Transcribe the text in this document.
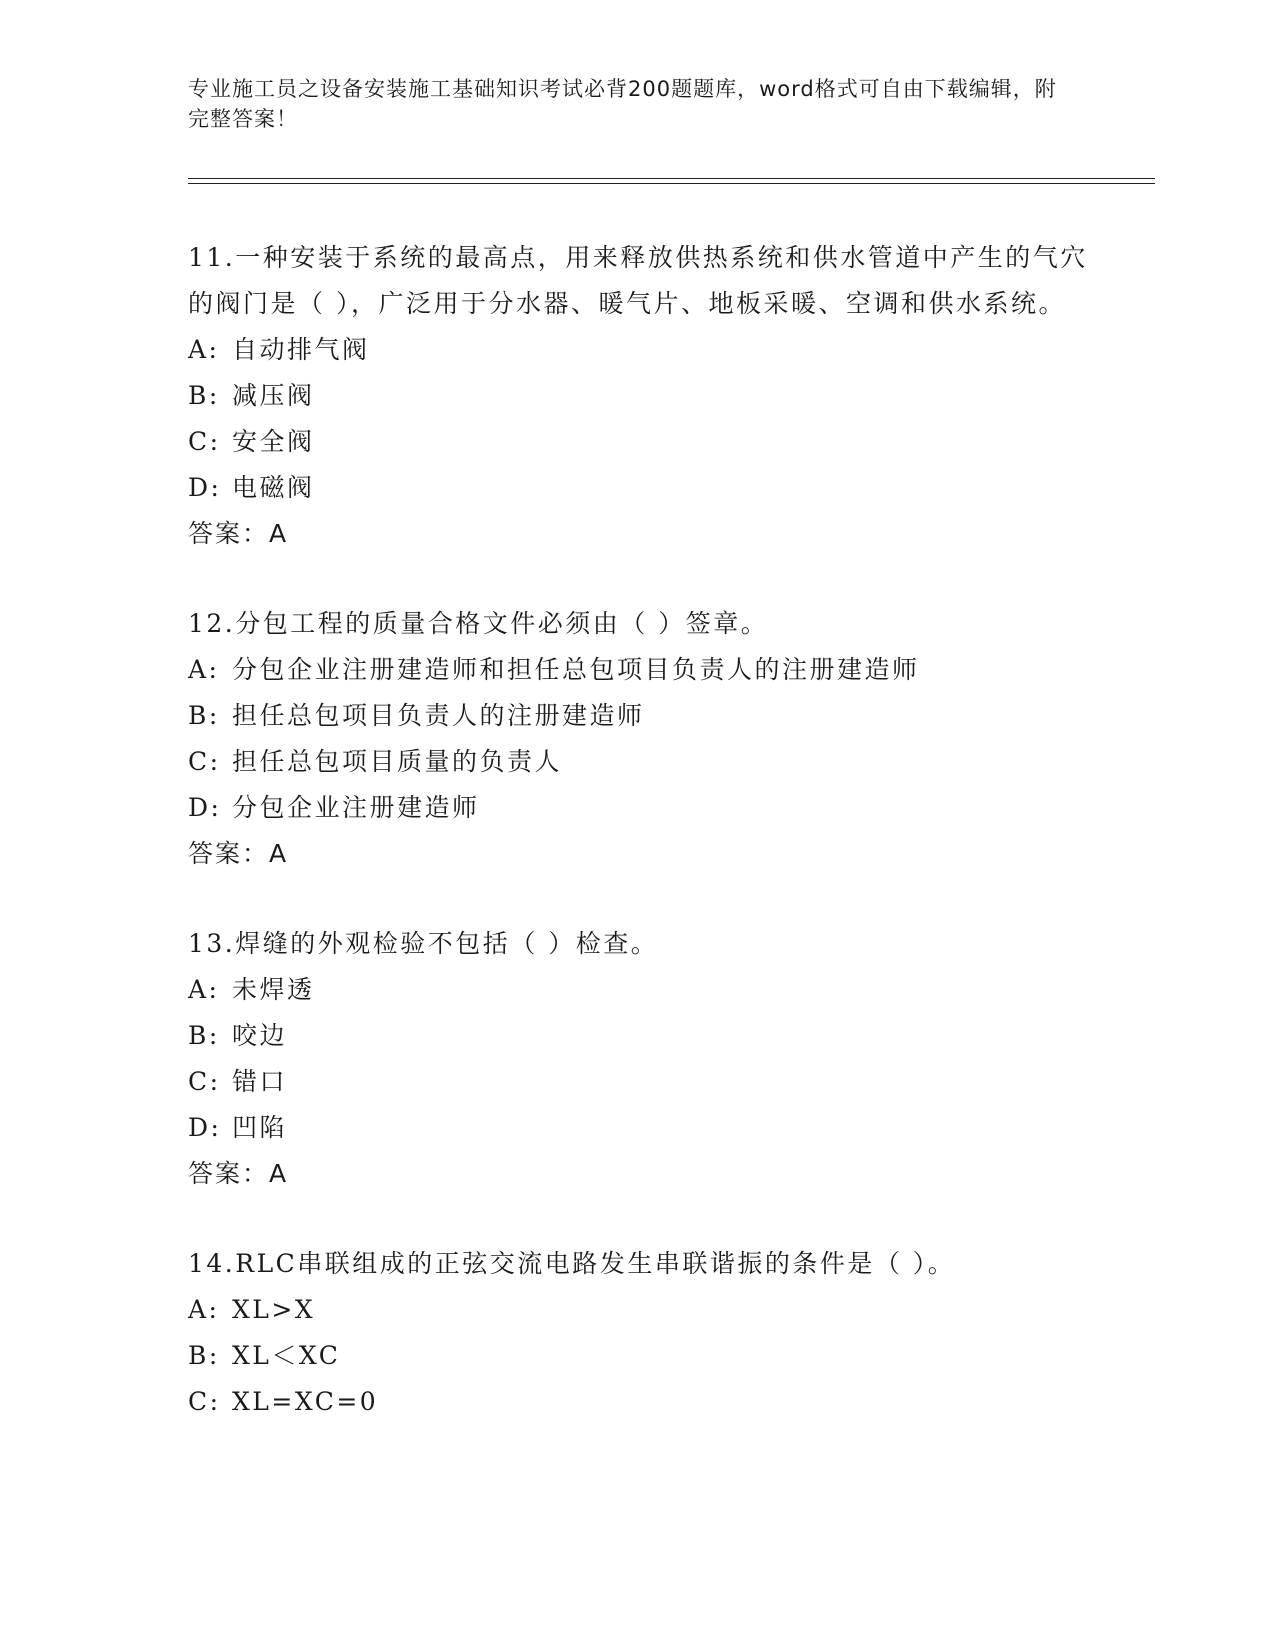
专业施工员之设备安装施工基础知识考试必背200题题库，word格式可自由下载编辑，附完整答案！
11.一种安装于系统的最高点，用来释放供热系统和供水管道中产生的气穴的阀门是（ ），广泛用于分水器、暖气片、地板采暖、空调和供水系统。
A: 自动排气阀
B: 减压阀
C: 安全阀
D: 电磁阀
答案：A
12.分包工程的质量合格文件必须由（ ）签章。
A: 分包企业注册建造师和担任总包项目负责人的注册建造师
B: 担任总包项目负责人的注册建造师
C: 担任总包项目质量的负责人
D: 分包企业注册建造师
答案：A
13.焊缝的外观检验不包括（ ）检查。
A: 未焊透
B: 咬边
C: 错口
D: 凹陷
答案：A
14.RLC串联组成的正弦交流电路发生串联谐振的条件是（ ）。
A: XL>X
B: XL＜XC
C: XL=XC=0
